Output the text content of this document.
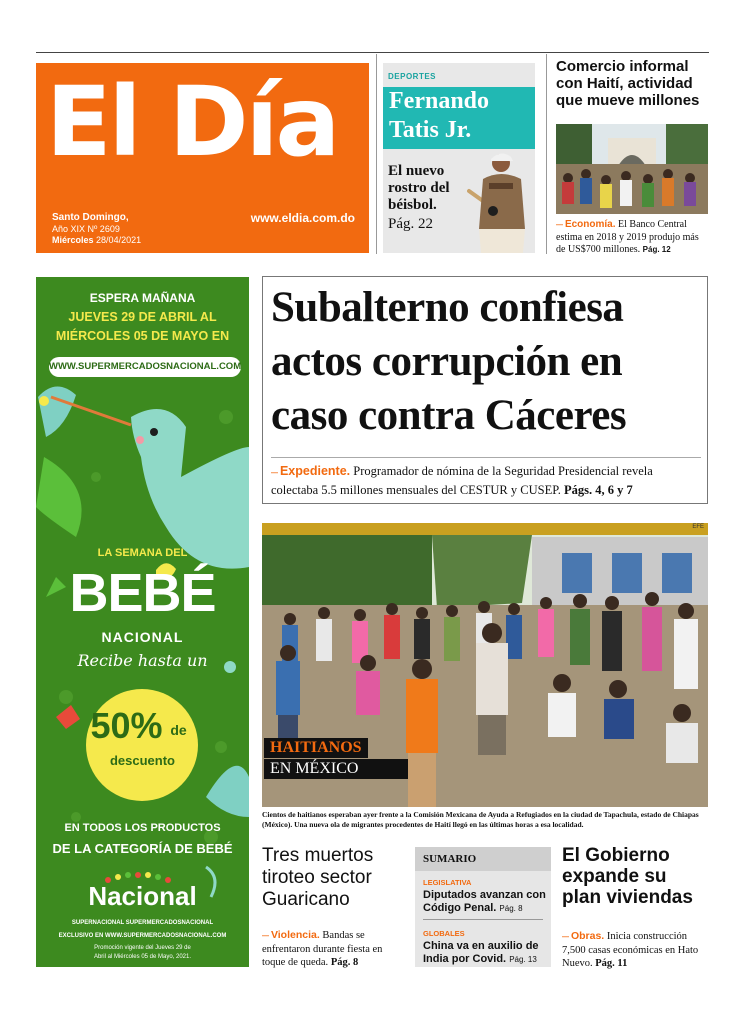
El Día
Santo Domingo,
Año XIX Nº 2609
Miércoles 28/04/2021
www.eldia.com.do
DEPORTES
Fernando
Tatis Jr.
El nuevo rostro del béisbol.
Pág. 22
Comercio informal con Haití, actividad que mueve millones
— Economía. El Banco Central estima en 2018 y 2019 produjo más de US$700 millones. Pág. 12
ESPERA MAÑANA
JUEVES 29 DE ABRIL AL
MIÉRCOLES 05 DE MAYO EN
WWW.SUPERMERCADOSNACIONAL.COM
LA SEMANA DEL
BEBÉ
NACIONAL
Recibe hasta un
50% de
descuento
EN TODOS LOS PRODUCTOS
DE LA CATEGORÍA DE BEBÉ
Nacional
SUPERNACIONAL SUPERMERCADOSNACIONAL
EXCLUSIVO EN WWW.SUPERMERCADOSNACIONAL.COM
Promoción vigente del Jueves 29 de
Abril al Miércoles 05 de Mayo, 2021.
Subalterno confiesa actos corrupción en caso contra Cáceres
— Expediente. Programador de nómina de la Seguridad Presidencial revela colectaba 5.5 millones mensuales del CESTUR y CUSEP. Págs. 4, 6 y 7
EFE
HAITIANOS
EN MÉXICO
Cientos de haitianos esperaban ayer frente a la Comisión Mexicana de Ayuda a Refugiados en la ciudad de Tapachula, estado de Chiapas (México). Una nueva ola de migrantes procedentes de Haití llegó en las últimas horas a esa localidad.
Tres muertos tiroteo sector Guaricano
— Violencia. Bandas se enfrentaron durante fiesta en toque de queda. Pág. 8
SUMARIO
LEGISLATIVA
Diputados avanzan con Código Penal. Pág. 8
GLOBALES
China va en auxilio de India por Covid. Pág. 13
El Gobierno expande su plan viviendas
— Obras. Inicia construcción 7,500 casas económicas en Hato Nuevo. Pág. 11
